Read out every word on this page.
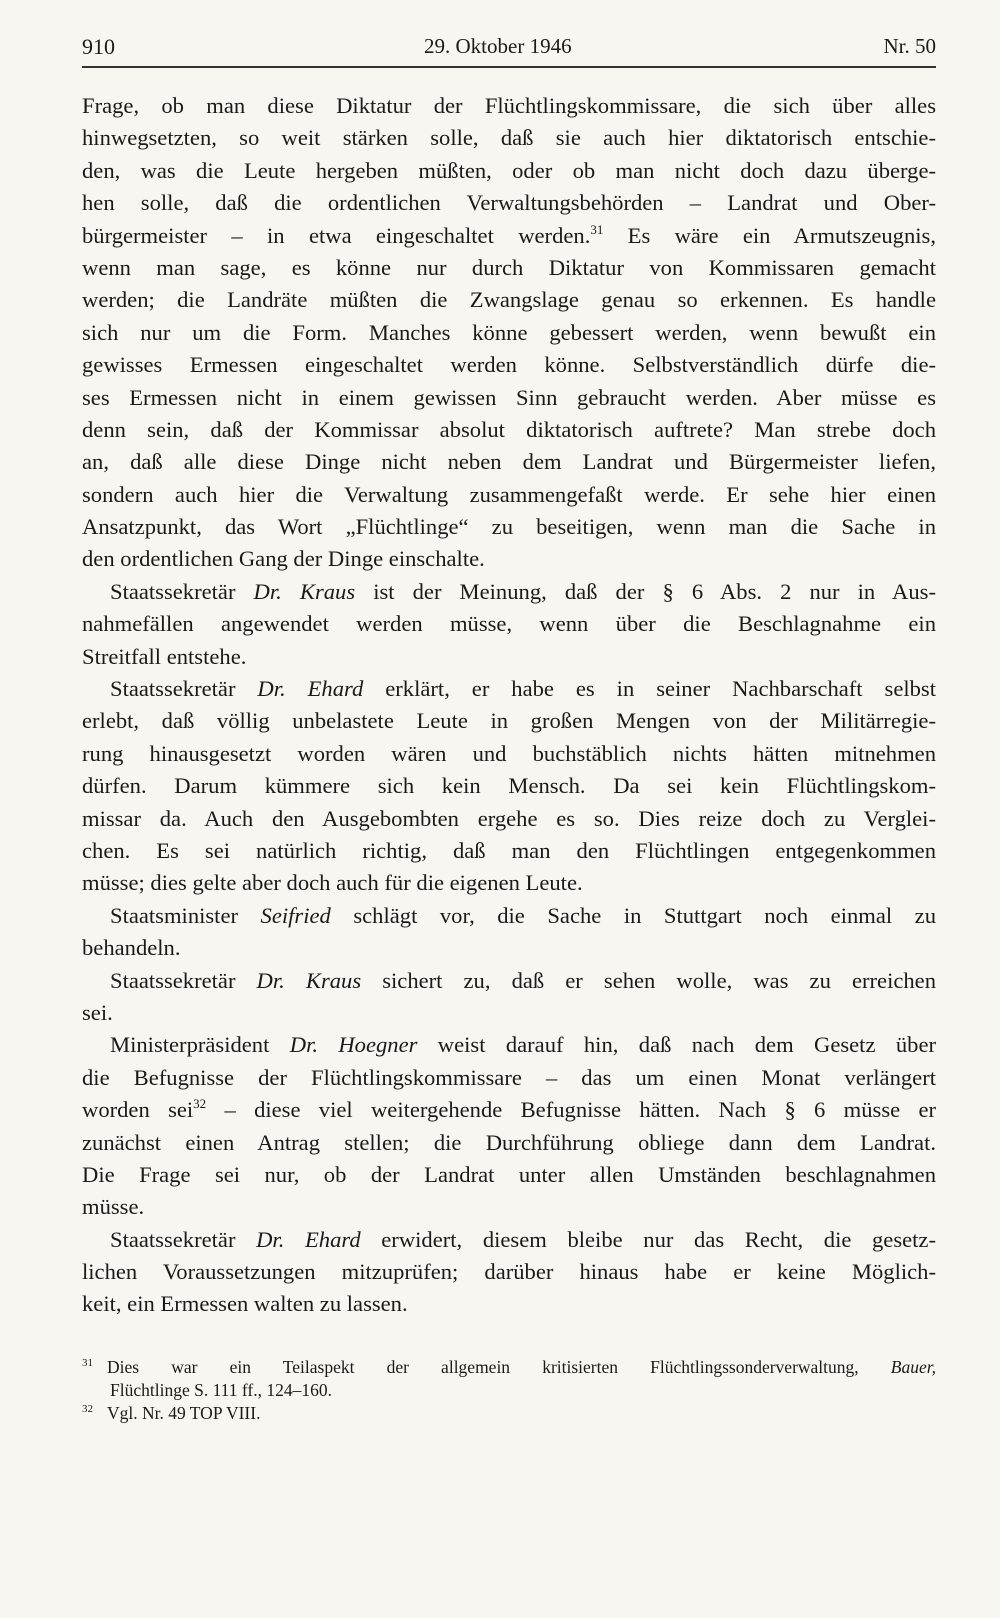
910	29. Oktober 1946	Nr. 50
Frage, ob man diese Diktatur der Flüchtlingskommissare, die sich über alles
hinwegsetzten, so weit stärken solle, daß sie auch hier diktatorisch entschie-
den, was die Leute hergeben müßten, oder ob man nicht doch dazu überge-
hen solle, daß die ordentlichen Verwaltungsbehörden – Landrat und Ober-
bürgermeister – in etwa eingeschaltet werden.$^{31}$ Es wäre ein Armutszeugnis,
wenn man sage, es könne nur durch Diktatur von Kommissaren gemacht
werden; die Landräte müßten die Zwangslage genau so erkennen. Es handle
sich nur um die Form. Manches könne gebessert werden, wenn bewußt ein
gewisses Ermessen eingeschaltet werden könne. Selbstverständlich dürfe die-
ses Ermessen nicht in einem gewissen Sinn gebraucht werden. Aber müsse es
denn sein, daß der Kommissar absolut diktatorisch auftrete? Man strebe doch
an, daß alle diese Dinge nicht neben dem Landrat und Bürgermeister liefen,
sondern auch hier die Verwaltung zusammengefaßt werde. Er sehe hier einen
Ansatzpunkt, das Wort „Flüchtlinge“ zu beseitigen, wenn man die Sache in
den ordentlichen Gang der Dinge einschalte.
Staatssekretär Dr. Kraus ist der Meinung, daß der § 6 Abs. 2 nur in Aus-
nahmefällen angewendet werden müsse, wenn über die Beschlagnahme ein
Streitfall entstehe.
Staatssekretär Dr. Ehard erklärt, er habe es in seiner Nachbarschaft selbst
erlebt, daß völlig unbelastete Leute in großen Mengen von der Militärregie-
rung hinausgesetzt worden wären und buchstäblich nichts hätten mitnehmen
dürfen. Darum kümmere sich kein Mensch. Da sei kein Flüchtlingskom-
missar da. Auch den Ausgebombten ergehe es so. Dies reize doch zu Verglei-
chen. Es sei natürlich richtig, daß man den Flüchtlingen entgegenkommen
müsse; dies gelte aber doch auch für die eigenen Leute.
Staatsminister Seifried schlägt vor, die Sache in Stuttgart noch einmal zu
behandeln.
Staatssekretär Dr. Kraus sichert zu, daß er sehen wolle, was zu erreichen
sei.
Ministerpräsident Dr. Hoegner weist darauf hin, daß nach dem Gesetz über
die Befugnisse der Flüchtlingskommissare – das um einen Monat verlängert
worden sei$^{32}$ – diese viel weitergehende Befugnisse hätten. Nach § 6 müsse er
zunächst einen Antrag stellen; die Durchführung obliege dann dem Landrat.
Die Frage sei nur, ob der Landrat unter allen Umständen beschlagnahmen
müsse.
Staatssekretär Dr. Ehard erwidert, diesem bleibe nur das Recht, die gesetz-
lichen Voraussetzungen mitzuprüfen; darüber hinaus habe er keine Möglich-
keit, ein Ermessen walten zu lassen.
$^{31}$ Dies war ein Teilaspekt der allgemein kritisierten Flüchtlingssonderverwaltung, Bauer,
Flüchtlinge S. 111 ff., 124–160.
$^{32}$ Vgl. Nr. 49 TOP VIII.
